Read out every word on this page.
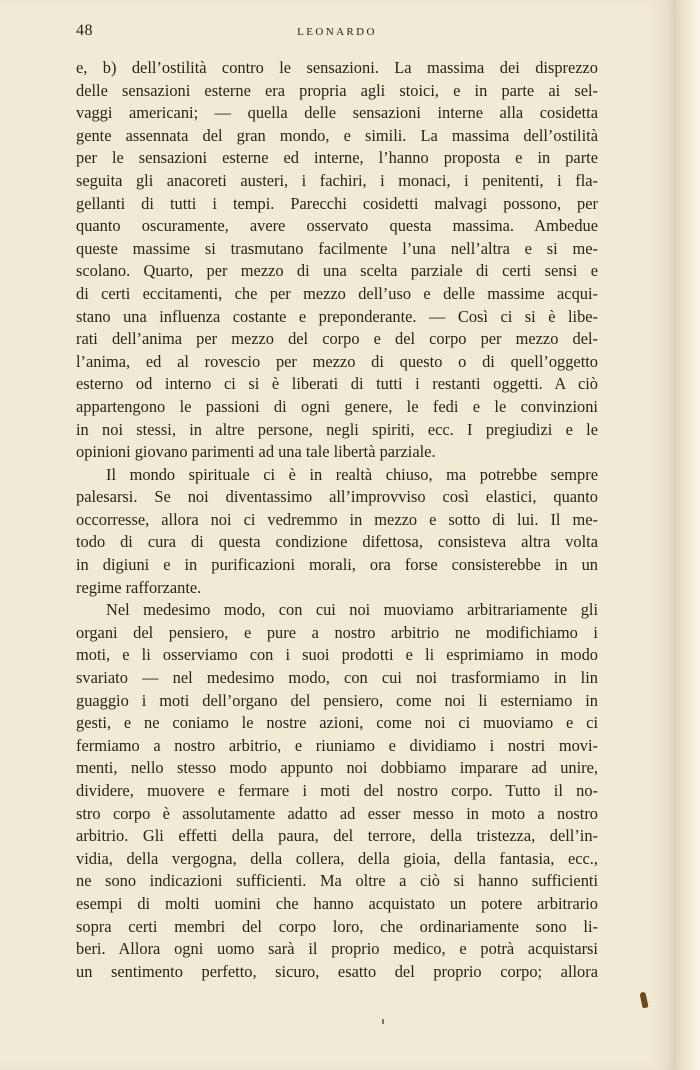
48	LEONARDO

e, b) dell’ostilità contro le sensazioni. La massima dei disprezzo

delle sensazioni esterne era propria agli stoici, e in parte ai sel-

vaggi americani; — quella delle sensazioni interne alla cosidetta

gente assennata del gran mondo, e simili. La massima dell’ostilità

per le sensazioni esterne ed interne, l’hanno proposta e in parte

seguita gli anacoreti austeri, i fachiri, i monaci, i penitenti, i fla-

gellanti di tutti i tempi. Parecchi cosidetti malvagi possono, per

quanto oscuramente, avere osservato questa massima. Ambedue

queste massime si trasmutano facilmente l’una nell’altra e si me-

scolano. Quarto, per mezzo di una scelta parziale di certi sensi e

di certi eccitamenti, che per mezzo dell’uso e delle massime acqui-

stano una influenza costante e preponderante. — Così ci si è libe-

rati dell’anima per mezzo del corpo e del corpo per mezzo del-

l’anima, ed al rovescio per mezzo di questo o di quell’oggetto

esterno od interno ci si è liberati di tutti i restanti oggetti. A ciò

appartengono le passioni di ogni genere, le fedi e le convinzioni

in noi stessi, in altre persone, negli spiriti, ecc. I pregiudizi e le

opinioni giovano parimenti ad una tale libertà parziale.

Il mondo spirituale ci è in realtà chiuso, ma potrebbe sempre

palesarsi. Se noi diventassimo all’improvviso così elastici, quanto

occorresse, allora noi ci vedremmo in mezzo e sotto di lui. Il me-

todo di cura di questa condizione difettosa, consisteva altra volta

in digiuni e in purificazioni morali, ora forse consisterebbe in un

regime rafforzante.

Nel medesimo modo, con cui noi muoviamo arbitrariamente gli

organi del pensiero, e pure a nostro arbitrio ne modifichiamo i

moti, e li osserviamo con i suoi prodotti e li esprimiamo in modo

svariato — nel medesimo modo, con cui noi trasformiamo in lin

guaggio i moti dell’organo del pensiero, come noi li esterniamo in

gesti, e ne coniamo le nostre azioni, come noi ci muoviamo e ci

fermiamo a nostro arbitrio, e riuniamo e dividiamo i nostri movi-

menti, nello stesso modo appunto noi dobbiamo imparare ad unire,

dividere, muovere e fermare i moti del nostro corpo. Tutto il no-

stro corpo è assolutamente adatto ad esser messo in moto a nostro

arbitrio. Gli effetti della paura, del terrore, della tristezza, dell’in-

vidia, della vergogna, della collera, della gioia, della fantasia, ecc.,

ne sono indicazioni sufficienti. Ma oltre a ciò si hanno sufficienti

esempi di molti uomini che hanno acquistato un potere arbitrario

sopra certi membri del corpo loro, che ordinariamente sono li-

beri. Allora ogni uomo sarà il proprio medico, e potrà acquistarsi

un sentimento perfetto, sicuro, esatto del proprio corpo; allora
